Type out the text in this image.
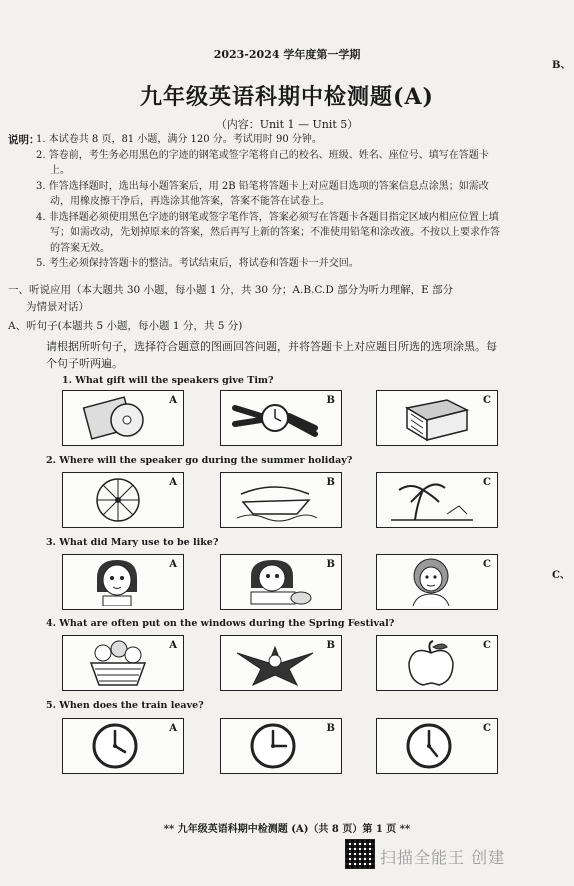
2023-2024 学年度第一学期
九年级英语科期中检测题(A)
（内容：Unit 1 — Unit 5）
说明：

1. 本试卷共 8 页，81 小题，满分 120 分。考试用时 90 分钟。

2. 答卷前，考生务必用黑色的字迹的钢笔或签字笔将自己的校名、班级、姓名、座位号、填写在答题卡上。

3. 作答选择题时，选出每小题答案后，用 2B 铅笔将答题卡上对应题目选项的答案信息点涂黑；如需改动，用橡皮擦干净后，再选涂其他答案，答案不能答在试卷上。

4. 非选择题必须使用黑色字迹的钢笔或签字笔作答，答案必须写在答题卡各题目指定区域内相应位置上填写；如需改动，先划掉原来的答案，然后再写上新的答案；不准使用铅笔和涂改液。不按以上要求作答的答案无效。

5. 考生必须保持答题卡的整洁。考试结束后，将试卷和答题卡一并交回。

一、听说应用（本大题共 30 小题，每小题 1 分，共 30 分；A.B.C.D 部分为听力理解，E 部分
为情景对话）
A、听句子(本题共 5 小题，每小题 1 分，共 5 分)
请根据所听句子，选择符合题意的图画回答问题，并将答题卡上对应题目所选的选项涂黑。每个句子听两遍。
1. What gift will the speakers give Tim?
A	B	C
2. Where will the speaker go during the summer holiday?
A	B	C
3. What did Mary use to be like?
A	B	C
4. What are often put on the windows during the Spring Festival?
A	B	C
5. When does the train leave?
A	B	C
B、
C、
** 九年级英语科期中检测题 (A)（共 8 页）第 1 页 **
扫描全能王 创建
